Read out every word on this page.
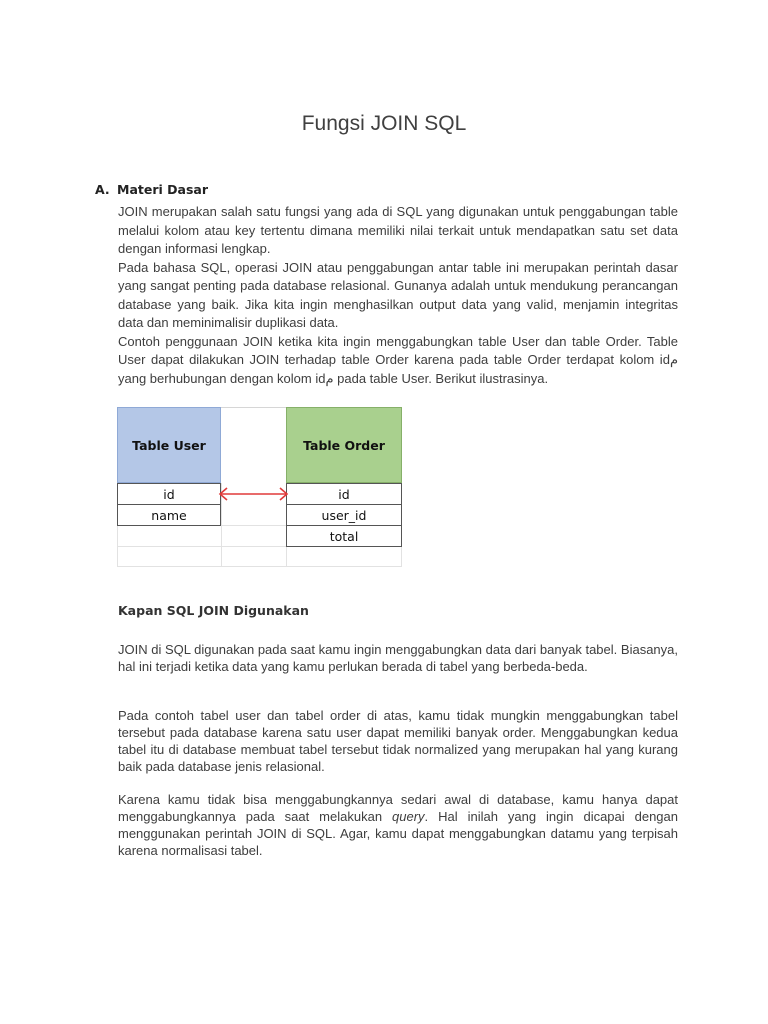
Fungsi JOIN SQL
A. Materi Dasar

JOIN merupakan salah satu fungsi yang ada di SQL yang digunakan untuk penggabungan table melalui kolom atau key tertentu dimana memiliki nilai terkait untuk mendapatkan satu set data dengan informasi lengkap.

Pada bahasa SQL, operasi JOIN atau penggabungan antar table ini merupakan perintah dasar yang sangat penting pada database relasional. Gunanya adalah untuk mendukung perancangan database yang baik. Jika kita ingin menghasilkan output data yang valid, menjamin integritas data dan meminimalisir duplikasi data.

Contoh penggunaan JOIN ketika kita ingin menggabungkan table User dan table Order. Table User dapat dilakukan JOIN terhadap table Order karena pada table Order terdapat kolom idم yang berhubungan dengan kolom idم pada table User. Berikut ilustrasinya.

Table User	Table Order
id
name
id
user_id
total
Kapan SQL JOIN Digunakan
JOIN di SQL digunakan pada saat kamu ingin menggabungkan data dari banyak tabel. Biasanya, hal ini terjadi ketika data yang kamu perlukan berada di tabel yang berbeda-beda.
Pada contoh tabel user dan tabel order di atas, kamu tidak mungkin menggabungkan tabel tersebut pada database karena satu user dapat memiliki banyak order. Menggabungkan kedua tabel itu di database membuat tabel tersebut tidak normalized yang merupakan hal yang kurang baik pada database jenis relasional.
Karena kamu tidak bisa menggabungkannya sedari awal di database, kamu hanya dapat menggabungkannya pada saat melakukan query. Hal inilah yang ingin dicapai dengan menggunakan perintah JOIN di SQL. Agar, kamu dapat menggabungkan datamu yang terpisah karena normalisasi tabel.
